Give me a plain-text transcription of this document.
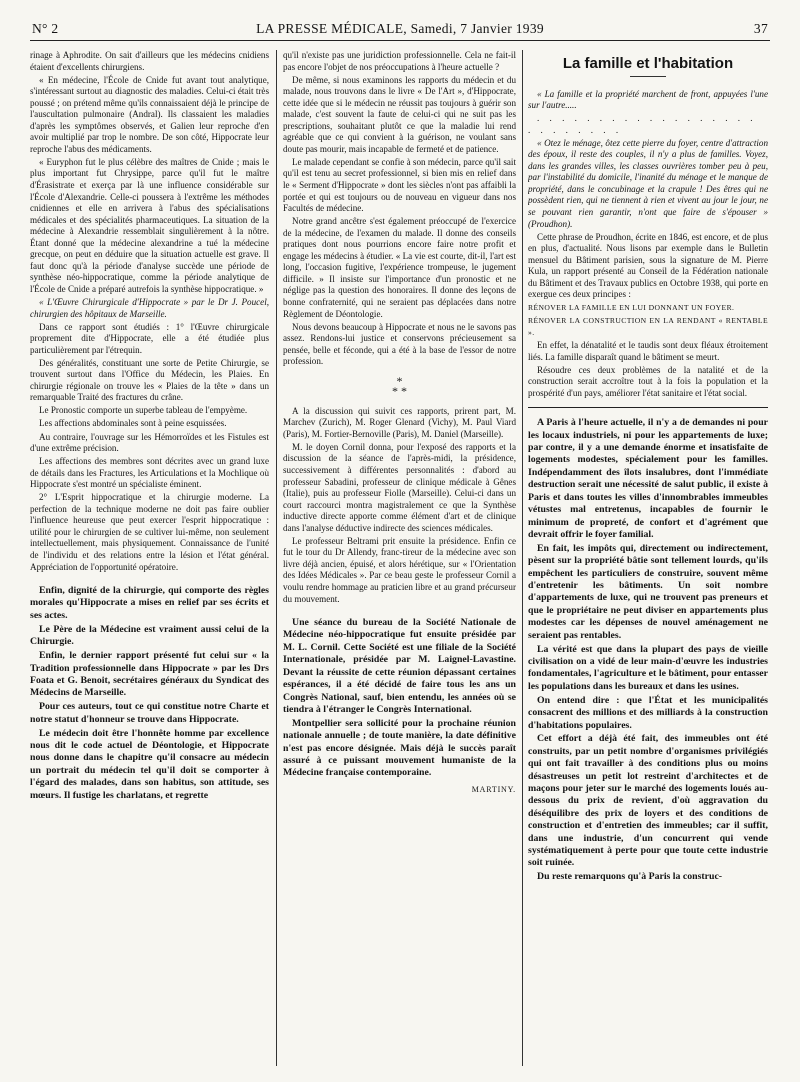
N° 2	LA PRESSE MÉDICALE, Samedi, 7 Janvier 1939	37

rinage à Aphrodite. On sait d'ailleurs que les médecins cnidiens étaient d'excellents chirurgiens.

« En médecine, l'École de Cnide fut avant tout analytique, s'intéressant surtout au diagnostic des maladies. Celui-ci était très poussé ; on prétend même qu'ils connaissaient déjà le principe de l'auscultation pulmonaire (Andral). Ils classaient les maladies d'après les symptômes observés, et Galien leur reproche d'en avoir multiplié par trop le nombre. De son côté, Hippocrate leur reproche l'abus des médicaments.

« Euryphon fut le plus célèbre des maîtres de Cnide ; mais le plus important fut Chrysippe, parce qu'il fut le maître d'Érasistrate et exerça par là une influence considérable sur l'École d'Alexandrie. Celle-ci poussera à l'extrême les méthodes cnidiennes et elle en arrivera à l'abus des spécialisations médicales et des spécialités pharmaceutiques. La situation de la médecine à Alexandrie ressemblait singulièrement à la nôtre. Étant donné que la médecine alexandrine a tué la médecine grecque, on peut en déduire que la situation actuelle est grave. Il faut donc qu'à la période d'analyse succède une période de synthèse néo-hippocratique, comme la période analytique de l'École de Cnide a préparé autrefois la synthèse hippocratique. »

« L'Œuvre Chirurgicale d'Hippocrate » par le Dr J. Poucel, chirurgien des hôpitaux de Marseille.

Dans ce rapport sont étudiés : 1° l'Œuvre chirurgicale proprement dite d'Hippocrate, elle a été étudiée plus particulièrement par l'étrequin.

Des généralités, constituant une sorte de Petite Chirurgie, se trouvent surtout dans l'Office du Médecin, les Plaies. En chirurgie régionale on trouve les « Plaies de la tête » dans un remarquable Traité des fractures du crâne.

Le Pronostic comporte un superbe tableau de l'empyème.

Les affections abdominales sont à peine esquissées.

Au contraire, l'ouvrage sur les Hémorroïdes et les Fistules est d'une extrême précision.

Les affections des membres sont décrites avec un grand luxe de détails dans les Fractures, les Articulations et la Mochlique où Hippocrate s'est montré un spécialiste éminent.

2° L'Esprit hippocratique et la chirurgie moderne. La perfection de la technique moderne ne doit pas faire oublier l'influence heureuse que peut exercer l'esprit hippocratique : utilité pour le chirurgien de se cultiver lui-même, non seulement intellectuellement, mais physiquement. Connaissance de l'unité de l'individu et des relations entre la lésion et l'état général. Appréciation de l'opportunité opératoire.

Enfin, dignité de la chirurgie, qui comporte des règles morales qu'Hippocrate a mises en relief par ses écrits et ses actes.

Le Père de la Médecine est vraiment aussi celui de la Chirurgie.

Enfin, le dernier rapport présenté fut celui sur « la Tradition professionnelle dans Hippocrate » par les Drs Foata et G. Benoit, secrétaires généraux du Syndicat des Médecins de Marseille.

Pour ces auteurs, tout ce qui constitue notre Charte et notre statut d'honneur se trouve dans Hippocrate.

Le médecin doit être l'honnête homme par excellence nous dit le code actuel de Déontologie, et Hippocrate nous donne dans le chapitre qu'il consacre au médecin un portrait du médecin tel qu'il doit se comporter à l'égard des malades, dans son habitus, son attitude, ses mœurs. Il fustige les charlatans, et regrette

qu'il n'existe pas une juridiction professionnelle. Cela ne fait-il pas encore l'objet de nos préoccupations à l'heure actuelle ?

De même, si nous examinons les rapports du médecin et du malade, nous trouvons dans le livre « De l'Art », d'Hippocrate, cette idée que si le médecin ne réussit pas toujours à guérir son malade, c'est souvent la faute de celui-ci qui ne suit pas les prescriptions, souhaitant plutôt ce que la maladie lui rend agréable que ce qui convient à la guérison, ne voulant sans doute pas mourir, mais incapable de fermeté et de patience.

Le malade cependant se confie à son médecin, parce qu'il sait qu'il est tenu au secret professionnel, si bien mis en relief dans le « Serment d'Hippocrate » dont les siècles n'ont pas affaibli la portée et qui est toujours ou de nouveau en vigueur dans nos Facultés de médecine.

Notre grand ancêtre s'est également préoccupé de l'exercice de la médecine, de l'examen du malade. Il donne des conseils pratiques dont nous pourrions encore faire notre profit et engage les médecins à étudier. « La vie est courte, dit-il, l'art est long, l'occasion fugitive, l'expérience trompeuse, le jugement difficile. » Il insiste sur l'importance d'un pronostic et ne néglige pas la question des honoraires. Il donne des leçons de bonne confraternité, qui ne seraient pas déplacées dans notre Règlement de Déontologie.

Nous devons beaucoup à Hippocrate et nous ne le savons pas assez. Rendons-lui justice et conservons précieusement sa pensée, belle et féconde, qui a été à la base de l'essor de notre profession.

*
* *

A la discussion qui suivit ces rapports, prirent part, M. Marchev (Zurich), M. Roger Glenard (Vichy), M. Paul Viard (Paris), M. Fortier-Bernoville (Paris), M. Daniel (Marseille).

M. le doyen Cornil donna, pour l'exposé des rapports et la discussion de la séance de l'après-midi, la présidence, successivement à différentes personnalités : d'abord au professeur Sabadini, professeur de clinique médicale à Gênes (Italie), puis au professeur Fiolle (Marseille). Celui-ci dans un court raccourci montra magistralement ce que la Synthèse inductive directe apporte comme élément d'art et de clinique dans l'analyse déductive indirecte des sciences médicales.

Le professeur Beltrami prit ensuite la présidence. Enfin ce fut le tour du Dr Allendy, franc-tireur de la médecine avec son livre déjà ancien, épuisé, et alors hérétique, sur « l'Orientation des Idées Médicales ». Par ce beau geste le professeur Cornil a voulu rendre hommage au praticien libre et au grand précurseur du mouvement.

Une séance du bureau de la Société Nationale de Médecine néo-hippocratique fut ensuite présidée par M. L. Cornil. Cette Société est une filiale de la Société Internationale, présidée par M. Laignel-Lavastine. Devant la réussite de cette réunion dépassant certaines espérances, il a été décidé de faire tous les ans un Congrès National, sauf, bien entendu, les années où se tiendra à l'étranger le Congrès International.

Montpellier sera sollicité pour la prochaine réunion nationale annuelle ; de toute manière, la date définitive n'est pas encore désignée. Mais déjà le succès paraît assuré à ce puissant mouvement humaniste de la Médecine française contemporaine.

MARTINY.
La famille et l'habitation

« La famille et la propriété marchent de front, appuyées l'une sur l'autre.....

. . . . . . . . . . . . . . . . . . . . . . . . . .

« Otez le ménage, ôtez cette pierre du foyer, centre d'attraction des époux, il reste des couples, il n'y a plus de familles. Voyez, dans les grandes villes, les classes ouvrières tomber peu à peu, par l'instabilité du domicile, l'inanité du ménage et le manque de propriété, dans le concubinage et la crapule ! Des êtres qui ne possèdent rien, qui ne tiennent à rien et vivent au jour le jour, ne se pouvant rien garantir, n'ont que faire de s'épouser » (Proudhon).

Cette phrase de Proudhon, écrite en 1846, est encore, et de plus en plus, d'actualité. Nous lisons par exemple dans le Bulletin mensuel du Bâtiment parisien, sous la signature de M. Pierre Kula, un rapport présenté au Conseil de la Fédération nationale du Bâtiment et des Travaux publics en Octobre 1938, qui porte en exergue ces deux principes :

RÉNOVER LA FAMILLE EN LUI DONNANT UN FOYER.

RÉNOVER LA CONSTRUCTION EN LA RENDANT « RENTABLE ».

En effet, la dénatalité et le taudis sont deux fléaux étroitement liés. La famille disparaît quand le bâtiment se meurt.

Résoudre ces deux problèmes de la natalité et de la construction serait accroître tout à la fois la population et la prospérité d'un pays, améliorer l'état sanitaire et l'état social.

A Paris à l'heure actuelle, il n'y a de demandes ni pour les locaux industriels, ni pour les appartements de luxe; par contre, il y a une demande énorme et insatisfaite de logements modestes, spécialement pour les familles. Indépendamment des îlots insalubres, dont l'immédiate destruction serait une nécessité de salut public, il existe à Paris et dans toutes les villes d'innombrables immeubles vétustes mal entretenus, incapables de fournir le minimum de propreté, de confort et d'agrément que devrait offrir le foyer familial.

En fait, les impôts qui, directement ou indirectement, pèsent sur la propriété bâtie sont tellement lourds, qu'ils empêchent les particuliers de construire, souvent même d'entretenir les bâtiments. Un soit nombre d'appartements de luxe, qui ne trouvent pas preneurs et que le propriétaire ne peut diviser en appartements plus modestes car les dépenses de nouvel aménagement ne seraient pas rentables.

La vérité est que dans la plupart des pays de vieille civilisation on a vidé de leur main-d'œuvre les industries fondamentales, l'agriculture et le bâtiment, pour entasser les populations dans les bureaux et dans les usines.

On entend dire : que l'État et les municipalités consacrent des millions et des milliards à la construction d'habitations populaires.

Cet effort a déjà été fait, des immeubles ont été construits, par un petit nombre d'organismes privilégiés qui ont fait travailler à des conditions plus ou moins désastreuses un petit lot restreint d'architectes et de maçons pour jeter sur le marché des logements loués au-dessous du prix de revient, d'où aggravation du déséquilibre des prix de loyers et des conditions de construction et d'entretien des immeubles; car il suffit, dans une industrie, d'un concurrent qui vende systématiquement à perte pour que toute cette industrie soit ruinée.

Du reste remarquons qu'à Paris la construc-
